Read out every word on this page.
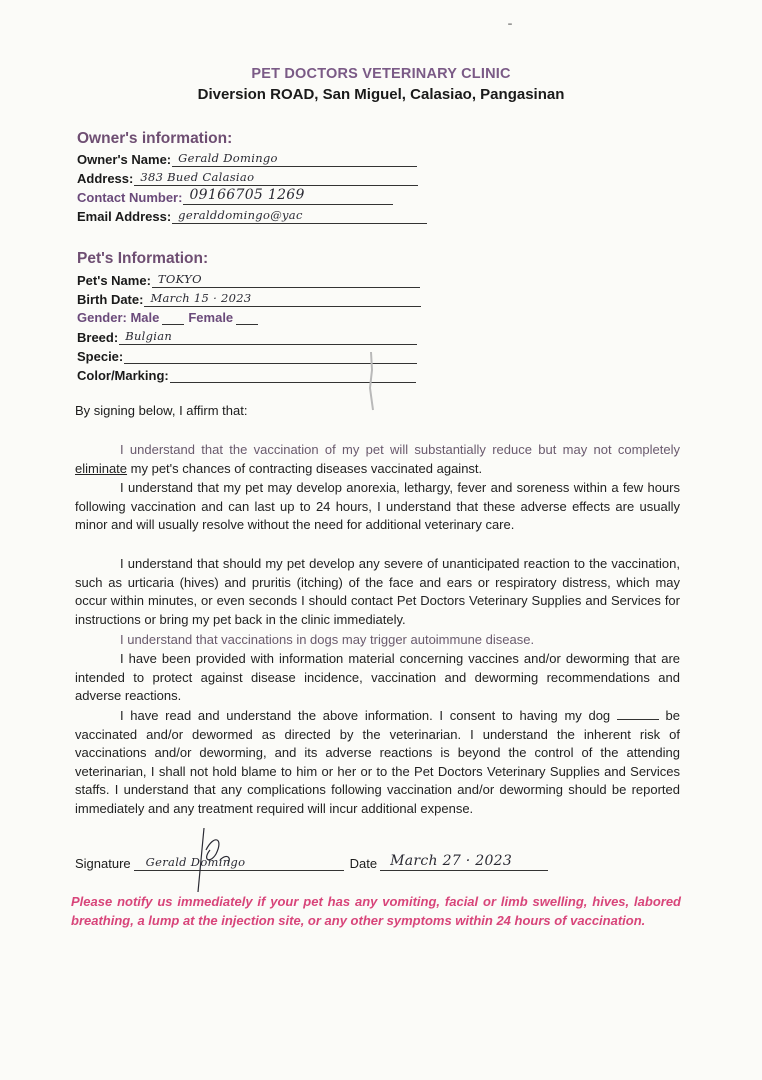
˗
PET DOCTORS VETERINARY CLINIC
Diversion ROAD, San Miguel, Calasiao, Pangasinan
Owner's information:
Owner's Name: Gerald Domingo
Address: 383 Bued Calasiao
Contact Number: 09166705 1269
Email Address: geralddomingo@yac
Pet's Information:
Pet's Name: TOKYO
Birth Date: March 15 · 2023
Gender: Male Female
Breed: Bulgian
Specie:
Color/Marking:
By signing below, I affirm that:
I understand that the vaccination of my pet will substantially reduce but may not completely eliminate my pet's chances of contracting diseases vaccinated against.
I understand that my pet may develop anorexia, lethargy, fever and soreness within a few hours following vaccination and can last up to 24 hours, I understand that these adverse effects are usually minor and will usually resolve without the need for additional veterinary care.
I understand that should my pet develop any severe of unanticipated reaction to the vaccination, such as urticaria (hives) and pruritis (itching) of the face and ears or respiratory distress, which may occur within minutes, or even seconds I should contact Pet Doctors Veterinary Supplies and Services for instructions or bring my pet back in the clinic immediately.
I understand that vaccinations in dogs may trigger autoimmune disease.
I have been provided with information material concerning vaccines and/or deworming that are intended to protect against disease incidence, vaccination and deworming recommendations and adverse reactions.
I have read and understand the above information. I consent to having my dog	be vaccinated and/or dewormed as directed by the veterinarian. I understand the inherent risk of vaccinations and/or deworming, and its adverse reactions is beyond the control of the attending veterinarian, I shall not hold blame to him or her or to the Pet Doctors Veterinary Supplies and Services staffs. I understand that any complications following vaccination and/or deworming should be reported immediately and any treatment required will incur additional expense.
Signature Gerald Domingo	Date March 27 · 2023
Please notify us immediately if your pet has any vomiting, facial or limb swelling, hives, labored breathing, a lump at the injection site, or any other symptoms within 24 hours of vaccination.
